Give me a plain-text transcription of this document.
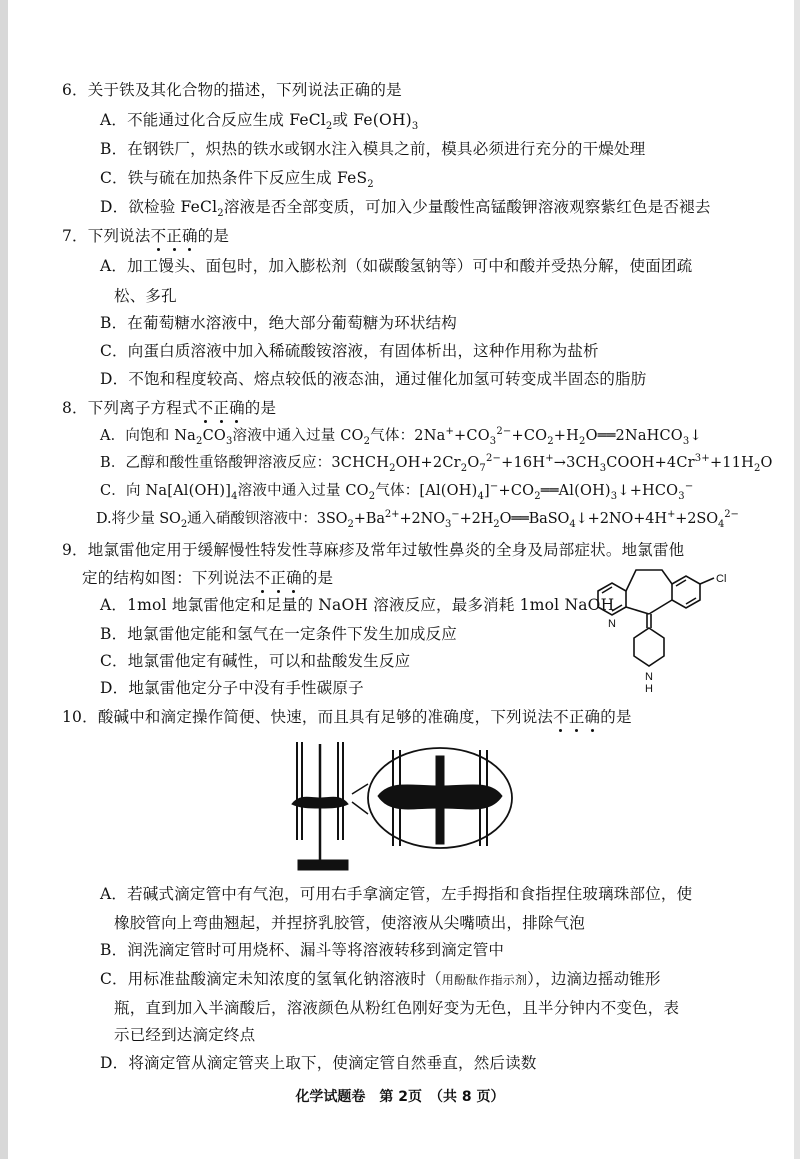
6．关于铁及其化合物的描述，下列说法正确的是
A．不能通过化合反应生成 FeCl$_2$或 $Fe(OH)_3$
B．在钢铁厂，炽热的铁水或钢水注入模具之前，模具必须进行充分的干燥处理
C．铁与硫在加热条件下反应生成 FeS$_2$
D．欲检验 FeCl$_2$溶液是否全部变质，可加入少量酸性高锰酸钾溶液观察紫红色是否褪去
7．下列说法不正确的是
A．加工馒头、面包时，加入膨松剂（如碳酸氢钠等）可中和酸并受热分解，使面团疏
松、多孔
B．在葡萄糖水溶液中，绝大部分葡萄糖为环状结构
C．向蛋白质溶液中加入稀硫酸铵溶液，有固体析出，这种作用称为盐析
D．不饱和程度较高、熔点较低的液态油，通过催化加氢可转变成半固态的脂肪
8．下列离子方程式不正确的是
A．向饱和 $Na_2CO_3$溶液中通入过量 $CO_2$气体：$2Na^++CO_3^{2-}+CO_2+H_2O══2NaHCO_3↓$
B．乙醇和酸性重铬酸钾溶液反应：$3CHCH_2OH+2Cr_2O_7^{2-}+16H^+\to 3CH_3COOH+4Cr^{3+}+11H_2O$
C．向 $Na[Al(OH)]_4$溶液中通入过量 $CO_2$气体：$[Al(OH)_4]^-+CO_2══Al(OH)_3↓+HCO_3^-$
D.将少量 $SO_2$通入硝酸钡溶液中：$3SO_2+Ba^{2+}+2NO_3^-+2H_2O══BaSO_4↓+2NO+4H^++2SO_4^{2-}$
9．地氯雷他定用于缓解慢性特发性荨麻疹及常年过敏性鼻炎的全身及局部症状。地氯雷他
定的结构如图：下列说法不正确的是
A．1mol 地氯雷他定和足量的 NaOH 溶液反应，最多消耗 1mol NaOH
B．地氯雷他定能和氢气在一定条件下发生加成反应
C．地氯雷他定有碱性，可以和盐酸发生反应
D．地氯雷他定分子中没有手性碳原子
Cl
N
N
H
10．酸碱中和滴定操作简便、快速，而且具有足够的准确度，下列说法不正确的是
A．若碱式滴定管中有气泡，可用右手拿滴定管，左手拇指和食指捏住玻璃珠部位，使
橡胶管向上弯曲翘起，并捏挤乳胶管，使溶液从尖嘴喷出，排除气泡
B．润洗滴定管时可用烧杯、漏斗等将溶液转移到滴定管中
C．用标准盐酸滴定未知浓度的氢氧化钠溶液时（用酚酞作指示剂），边滴边摇动锥形
瓶，直到加入半滴酸后，溶液颜色从粉红色刚好变为无色，且半分钟内不变色，表
示已经到达滴定终点
D．将滴定管从滴定管夹上取下，使滴定管自然垂直，然后读数
化学试题卷　第 2页　（共 8 页）
